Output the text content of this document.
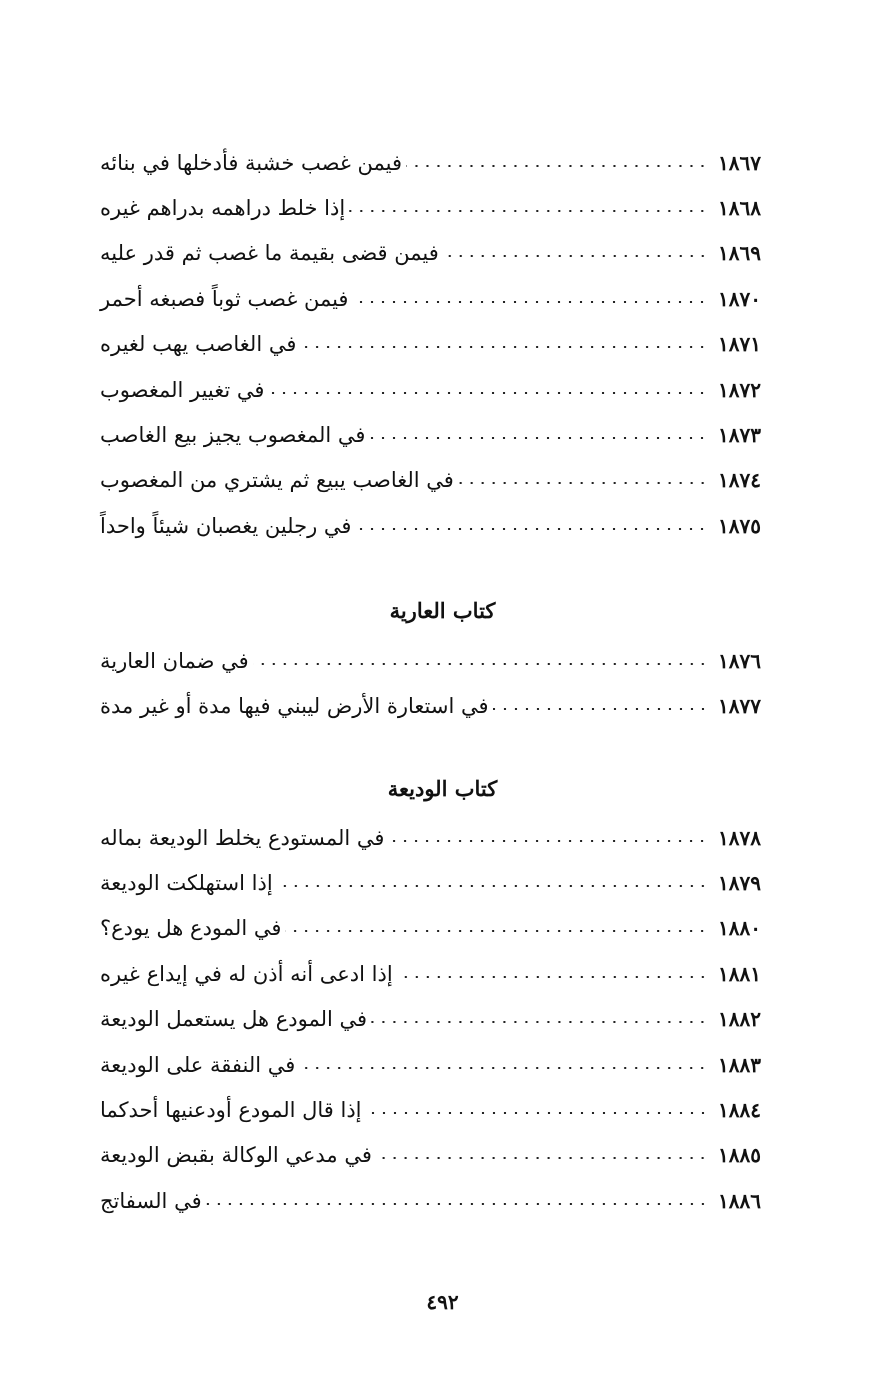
فيمن غصب خشبة فأدخلها في بنائه	١٨٦٧
إذا خلط دراهمه بدراهم غيره	١٨٦٨
فيمن قضى بقيمة ما غصب ثم قدر عليه	١٨٦٩
فيمن غصب ثوباً فصبغه أحمر	١٨٧٠
في الغاصب يهب لغيره	١٨٧١
في تغيير المغصوب	١٨٧٢
في المغصوب يجيز بيع الغاصب	١٨٧٣
في الغاصب يبيع ثم يشتري من المغصوب	١٨٧٤
في رجلين يغصبان شيئاً واحداً	١٨٧٥
كتاب العارية
في ضمان العارية	١٨٧٦
في استعارة الأرض ليبني فيها مدة أو غير مدة	١٨٧٧
كتاب الوديعة
في المستودع يخلط الوديعة بماله	١٨٧٨
إذا استهلكت الوديعة	١٨٧٩
في المودع هل يودع؟	١٨٨٠
إذا ادعى أنه أذن له في إيداع غيره	١٨٨١
في المودع هل يستعمل الوديعة	١٨٨٢
في النفقة على الوديعة	١٨٨٣
إذا قال المودع أودعنيها أحدكما	١٨٨٤
في مدعي الوكالة بقبض الوديعة	١٨٨٥
في السفاتج	١٨٨٦
٤٩٢
